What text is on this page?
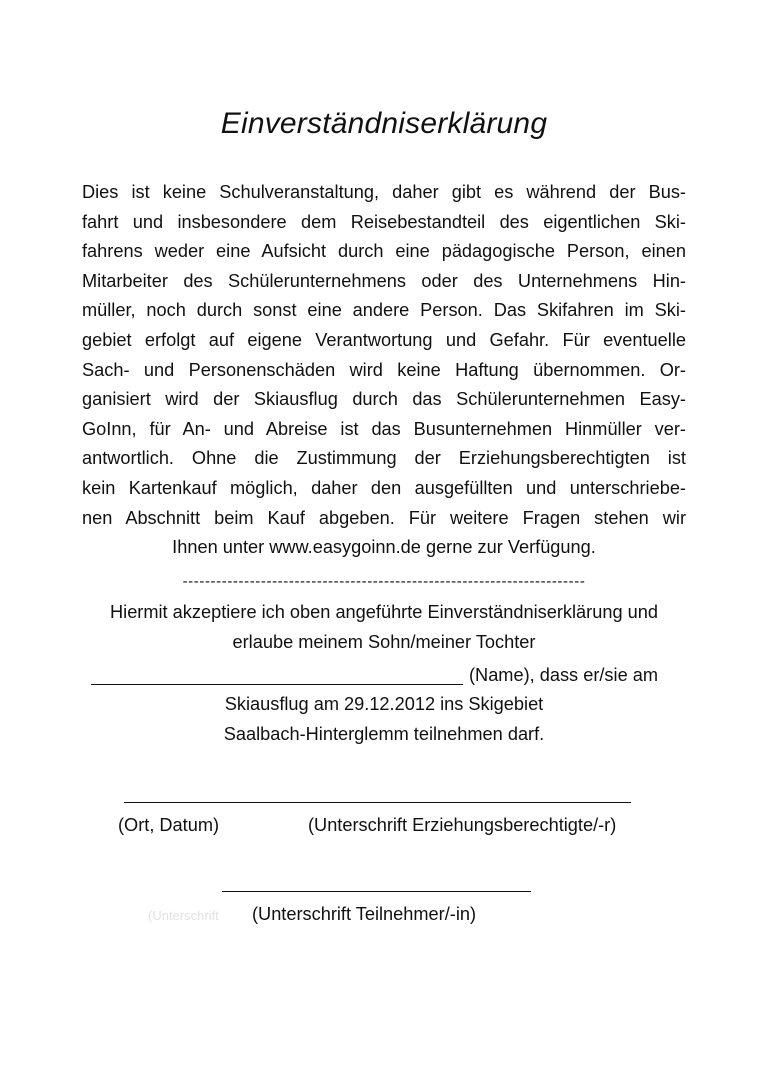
Einverständniserklärung
Dies ist keine Schulveranstaltung, daher gibt es während der Bus-
fahrt und insbesondere dem Reisebestandteil des eigentlichen Ski-
fahrens weder eine Aufsicht durch eine pädagogische Person, einen
Mitarbeiter des Schülerunternehmens oder des Unternehmens Hin-
müller, noch durch sonst eine andere Person. Das Skifahren im Ski-
gebiet erfolgt auf eigene Verantwortung und Gefahr. Für eventuelle
Sach- und Personenschäden wird keine Haftung übernommen. Or-
ganisiert wird der Skiausflug durch das Schülerunternehmen Easy-
GoInn, für An- und Abreise ist das Busunternehmen Hinmüller ver-
antwortlich. Ohne die Zustimmung der Erziehungsberechtigten ist
kein Kartenkauf möglich, daher den ausgefüllten und unterschriebe-
nen Abschnitt beim Kauf abgeben. Für weitere Fragen stehen wir
Ihnen unter www.easygoinn.de gerne zur Verfügung.
------------------------------------------------------------------------
Hiermit akzeptiere ich oben angeführte Einverständniserklärung und
erlaube meinem Sohn/meiner Tochter
(Name), dass er/sie am
Skiausflug am 29.12.2012 ins Skigebiet
Saalbach-Hinterglemm teilnehmen darf.
(Ort, Datum)	(Unterschrift Erziehungsberechtigte/-r)
(Unterschrift (Unterschrift Teilnehmer/-in)
